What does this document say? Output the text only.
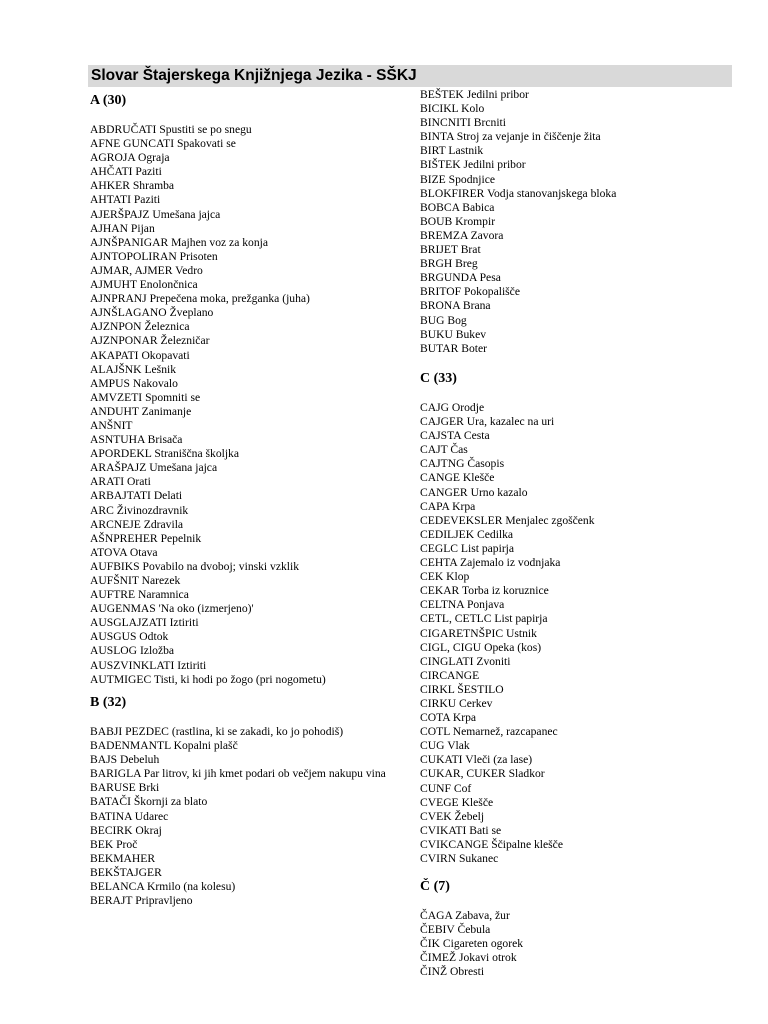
Slovar Štajerskega Knjižnjega Jezika - SŠKJ
A (30)
ABDRUČATI Spustiti se po snegu
AFNE GUNCATI Spakovati se
AGROJA Ograja
AHČATI Paziti
AHKER Shramba
AHTATI Paziti
AJERŠPAJZ Umešana jajca
AJHAN Pijan
AJNŠPANIGAR Majhen voz za konja
AJNTOPOLIRAN Prisoten
AJMAR, AJMER Vedro
AJMUHT Enolončnica
AJNPRANJ Prepečena moka, prežganka (juha)
AJNŠLAGANO Žveplano
AJZNPON Železnica
AJZNPONAR Železničar
AKAPATI Okopavati
ALAJŠNK Lešnik
AMPUS Nakovalo
AMVZETI Spomniti se
ANDUHT Zanimanje
ANŠNIT
ASNTUHA Brisača
APORDEKL Straniščna školjka
ARAŠPAJZ Umešana jajca
ARATI Orati
ARBAJTATI Delati
ARC Živinozdravnik
ARCNEJE Zdravila
AŠNPREHER Pepelnik
ATOVA Otava
AUFBIKS Povabilo na dvoboj; vinski vzklik
AUFŠNIT Narezek
AUFTRE Naramnica
AUGENMAS 'Na oko (izmerjeno)'
AUSGLAJZATI Iztiriti
AUSGUS Odtok
AUSLOG Izložba
AUSZVINKLATI Iztiriti
AUTMIGEC Tisti, ki hodi po žogo (pri nogometu)
B (32)
BABJI PEZDEC (rastlina, ki se zakadi, ko jo pohodiš)
BADENMANTL Kopalni plašč
BAJS Debeluh
BARIGLA Par litrov, ki jih kmet podari ob večjem nakupu vina
BARUSE Brki
BATAČI Škornji za blato
BATINA Udarec
BECIRK Okraj
BEK Proč
BEKMAHER
BEKŠTAJGER
BELANCA Krmilo (na kolesu)
BERAJT Pripravljeno
BEŠTEK Jedilni pribor
BICIKL Kolo
BINCNITI Brcniti
BINTA Stroj za vejanje in čiščenje žita
BIRT Lastnik
BIŠTEK Jedilni pribor
BIZE Spodnjice
BLOKFIRER Vodja stanovanjskega bloka
BOBCA Babica
BOUB Krompir
BREMZA Zavora
BRIJET Brat
BRGH Breg
BRGUNDA Pesa
BRITOF Pokopališče
BRONA Brana
BUG Bog
BUKU Bukev
BUTAR Boter
C (33)
CAJG Orodje
CAJGER Ura, kazalec na uri
CAJSTA Cesta
CAJT Čas
CAJTNG Časopis
CANGE Klešče
CANGER Urno kazalo
CAPA Krpa
CEDEVEKSLER Menjalec zgoščenk
CEDILJEK Cedilka
CEGLC List papirja
CEHTA Zajemalo iz vodnjaka
CEK Klop
CEKAR Torba iz koruznice
CELTNA Ponjava
CETL, CETLC List papirja
CIGARETNŠPIC Ustnik
CIGL, CIGU Opeka (kos)
CINGLATI Zvoniti
CIRCANGE
CIRKL ŠESTILO
CIRKU Cerkev
COTA Krpa
COTL Nemarnež, razcapanec
CUG Vlak
CUKATI Vleči (za lase)
CUKAR, CUKER Sladkor
CUNF Cof
CVEGE Klešče
CVEK Žebelj
CVIKATI Bati se
CVIKCANGE Ščipalne klešče
CVIRN Sukanec
Č (7)
ČAGA Zabava, žur
ČEBIV Čebula
ČIK Cigareten ogorek
ČIMEŽ Jokavi otrok
ČINŽ Obresti
